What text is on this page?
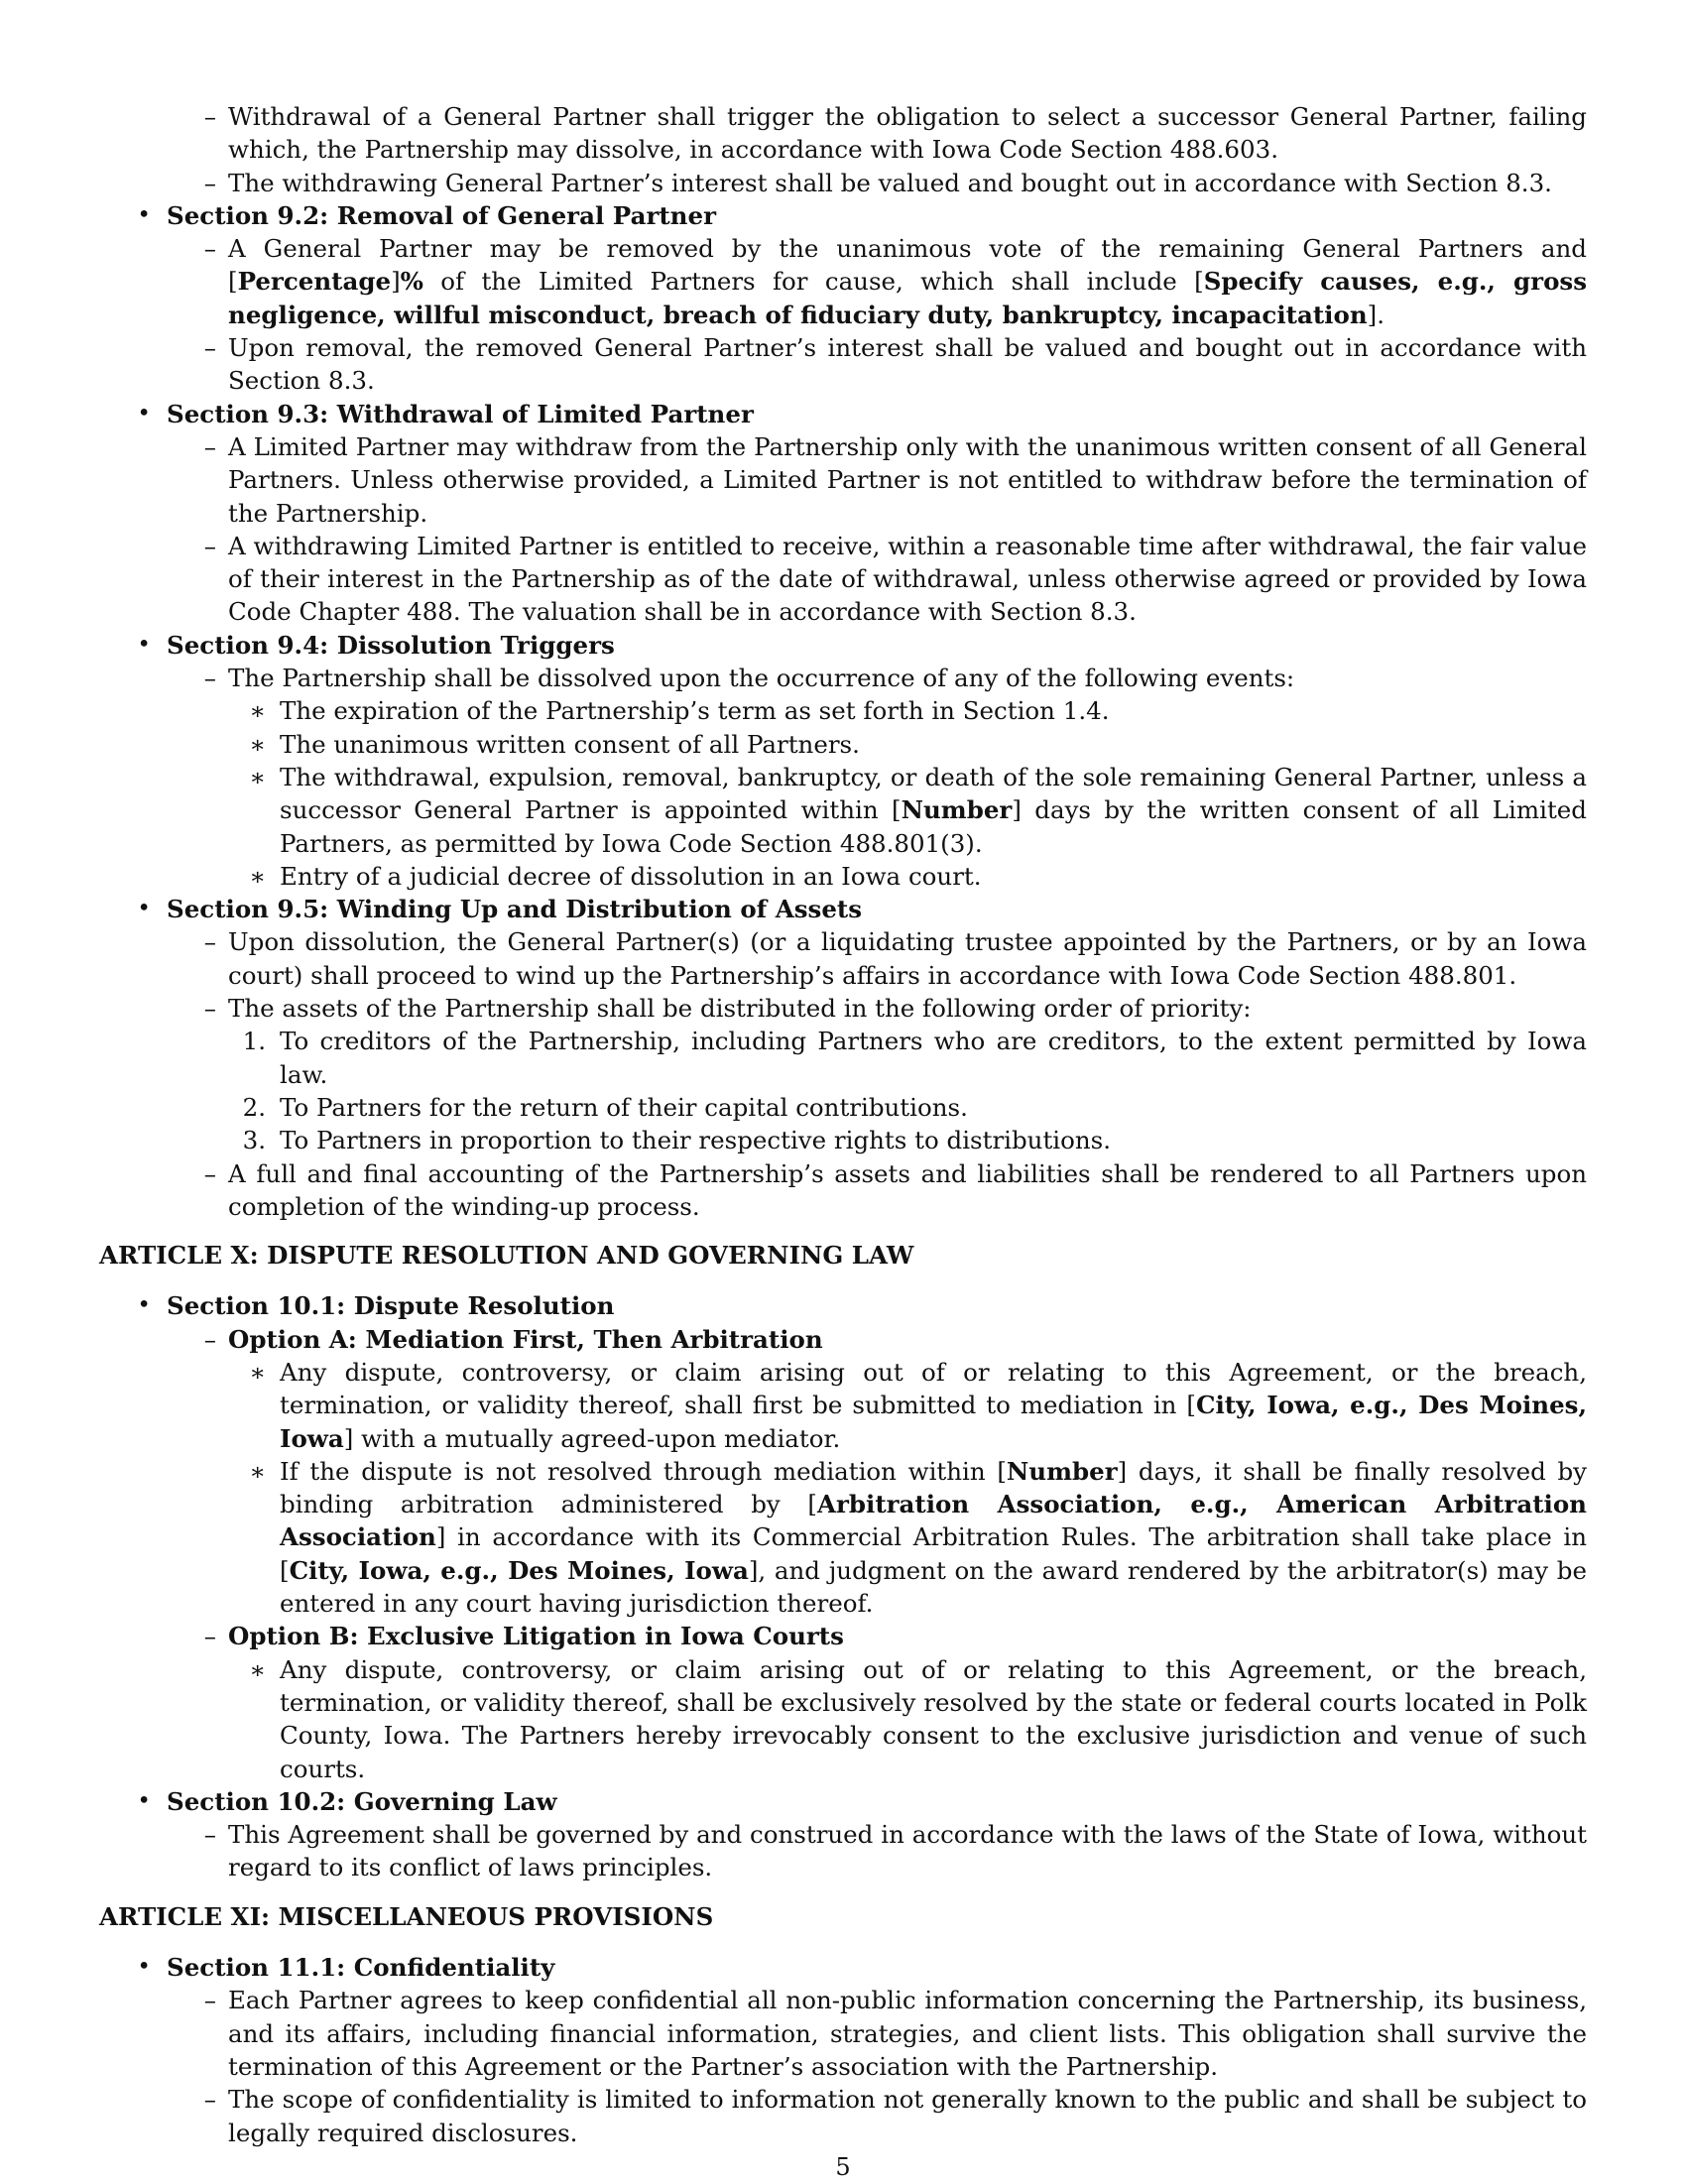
– Withdrawal of a General Partner shall trigger the obligation to select a successor General Partner, failing which, the Partnership may dissolve, in accordance with Iowa Code Section 488.603.
– The withdrawing General Partner’s interest shall be valued and bought out in accordance with Section 8.3.
• Section 9.2: Removal of General Partner
– A General Partner may be removed by the unanimous vote of the remaining General Partners and [Percentage]% of the Limited Partners for cause, which shall include [Specify causes, e.g., gross negligence, willful misconduct, breach of fiduciary duty, bankruptcy, incapacitation].
– Upon removal, the removed General Partner’s interest shall be valued and bought out in accordance with Section 8.3.
• Section 9.3: Withdrawal of Limited Partner
– A Limited Partner may withdraw from the Partnership only with the unanimous written consent of all General Partners. Unless otherwise provided, a Limited Partner is not entitled to withdraw before the termination of the Partnership.
– A withdrawing Limited Partner is entitled to receive, within a reasonable time after withdrawal, the fair value of their interest in the Partnership as of the date of withdrawal, unless otherwise agreed or provided by Iowa Code Chapter 488. The valuation shall be in accordance with Section 8.3.
• Section 9.4: Dissolution Triggers
– The Partnership shall be dissolved upon the occurrence of any of the following events:
∗ The expiration of the Partnership’s term as set forth in Section 1.4.
∗ The unanimous written consent of all Partners.
∗ The withdrawal, expulsion, removal, bankruptcy, or death of the sole remaining General Partner, unless a successor General Partner is appointed within [Number] days by the written consent of all Limited Partners, as permitted by Iowa Code Section 488.801(3).
∗ Entry of a judicial decree of dissolution in an Iowa court.
• Section 9.5: Winding Up and Distribution of Assets
– Upon dissolution, the General Partner(s) (or a liquidating trustee appointed by the Partners, or by an Iowa court) shall proceed to wind up the Partnership’s affairs in accordance with Iowa Code Section 488.801.
– The assets of the Partnership shall be distributed in the following order of priority:
1. To creditors of the Partnership, including Partners who are creditors, to the extent permitted by Iowa law.
2. To Partners for the return of their capital contributions.
3. To Partners in proportion to their respective rights to distributions.
– A full and final accounting of the Partnership’s assets and liabilities shall be rendered to all Partners upon completion of the winding-up process.
ARTICLE X: DISPUTE RESOLUTION AND GOVERNING LAW
• Section 10.1: Dispute Resolution
– Option A: Mediation First, Then Arbitration
∗ Any dispute, controversy, or claim arising out of or relating to this Agreement, or the breach, termination, or validity thereof, shall first be submitted to mediation in [City, Iowa, e.g., Des Moines, Iowa] with a mutually agreed-upon mediator.
∗ If the dispute is not resolved through mediation within [Number] days, it shall be finally resolved by binding arbitration administered by [Arbitration Association, e.g., American Arbitration Association] in accordance with its Commercial Arbitration Rules. The arbitration shall take place in [City, Iowa, e.g., Des Moines, Iowa], and judgment on the award rendered by the arbitrator(s) may be entered in any court having jurisdiction thereof.
– Option B: Exclusive Litigation in Iowa Courts
∗ Any dispute, controversy, or claim arising out of or relating to this Agreement, or the breach, termination, or validity thereof, shall be exclusively resolved by the state or federal courts located in Polk County, Iowa. The Partners hereby irrevocably consent to the exclusive jurisdiction and venue of such courts.
• Section 10.2: Governing Law
– This Agreement shall be governed by and construed in accordance with the laws of the State of Iowa, without regard to its conflict of laws principles.
ARTICLE XI: MISCELLANEOUS PROVISIONS
• Section 11.1: Confidentiality
– Each Partner agrees to keep confidential all non-public information concerning the Partnership, its business, and its affairs, including financial information, strategies, and client lists. This obligation shall survive the termination of this Agreement or the Partner’s association with the Partnership.
– The scope of confidentiality is limited to information not generally known to the public and shall be subject to legally required disclosures.
5
